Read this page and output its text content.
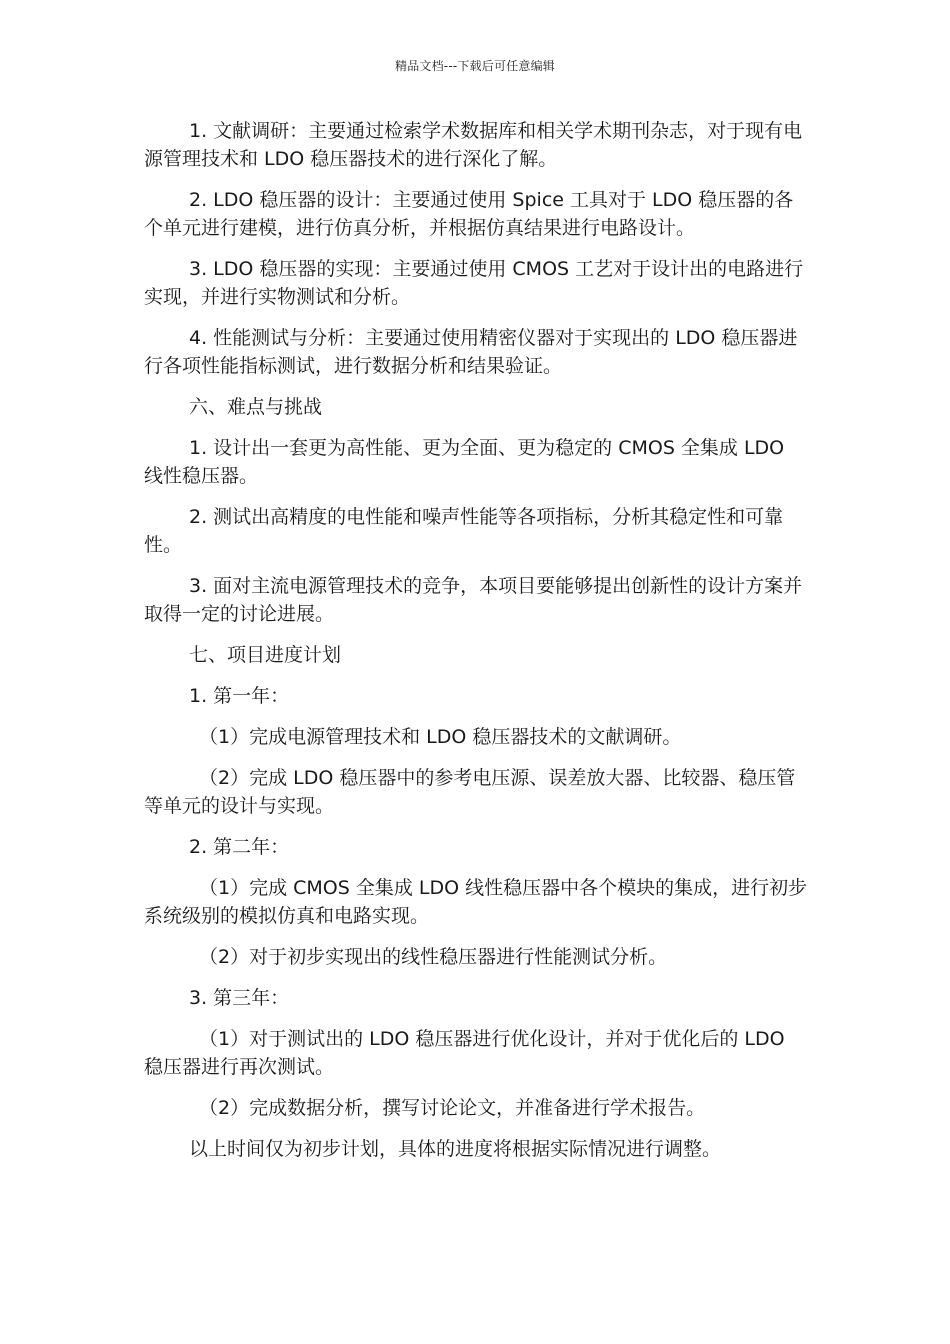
精品文档---下载后可任意编辑

1. 文献调研：主要通过检索学术数据库和相关学术期刊杂志，对于现有电源管理技术和 LDO 稳压器技术的进行深化了解。

2. LDO 稳压器的设计：主要通过使用 Spice 工具对于 LDO 稳压器的各个单元进行建模，进行仿真分析，并根据仿真结果进行电路设计。

3. LDO 稳压器的实现：主要通过使用 CMOS 工艺对于设计出的电路进行实现，并进行实物测试和分析。

4. 性能测试与分析：主要通过使用精密仪器对于实现出的 LDO 稳压器进行各项性能指标测试，进行数据分析和结果验证。

六、难点与挑战

1. 设计出一套更为高性能、更为全面、更为稳定的 CMOS 全集成 LDO 线性稳压器。

2. 测试出高精度的电性能和噪声性能等各项指标，分析其稳定性和可靠性。

3. 面对主流电源管理技术的竞争，本项目要能够提出创新性的设计方案并取得一定的讨论进展。

七、项目进度计划

1. 第一年：

（1）完成电源管理技术和 LDO 稳压器技术的文献调研。

（2）完成 LDO 稳压器中的参考电压源、误差放大器、比较器、稳压管等单元的设计与实现。

2. 第二年：

（1）完成 CMOS 全集成 LDO 线性稳压器中各个模块的集成，进行初步系统级别的模拟仿真和电路实现。

（2）对于初步实现出的线性稳压器进行性能测试分析。

3. 第三年：

（1）对于测试出的 LDO 稳压器进行优化设计，并对于优化后的 LDO 稳压器进行再次测试。

（2）完成数据分析，撰写讨论论文，并准备进行学术报告。

以上时间仅为初步计划，具体的进度将根据实际情况进行调整。
